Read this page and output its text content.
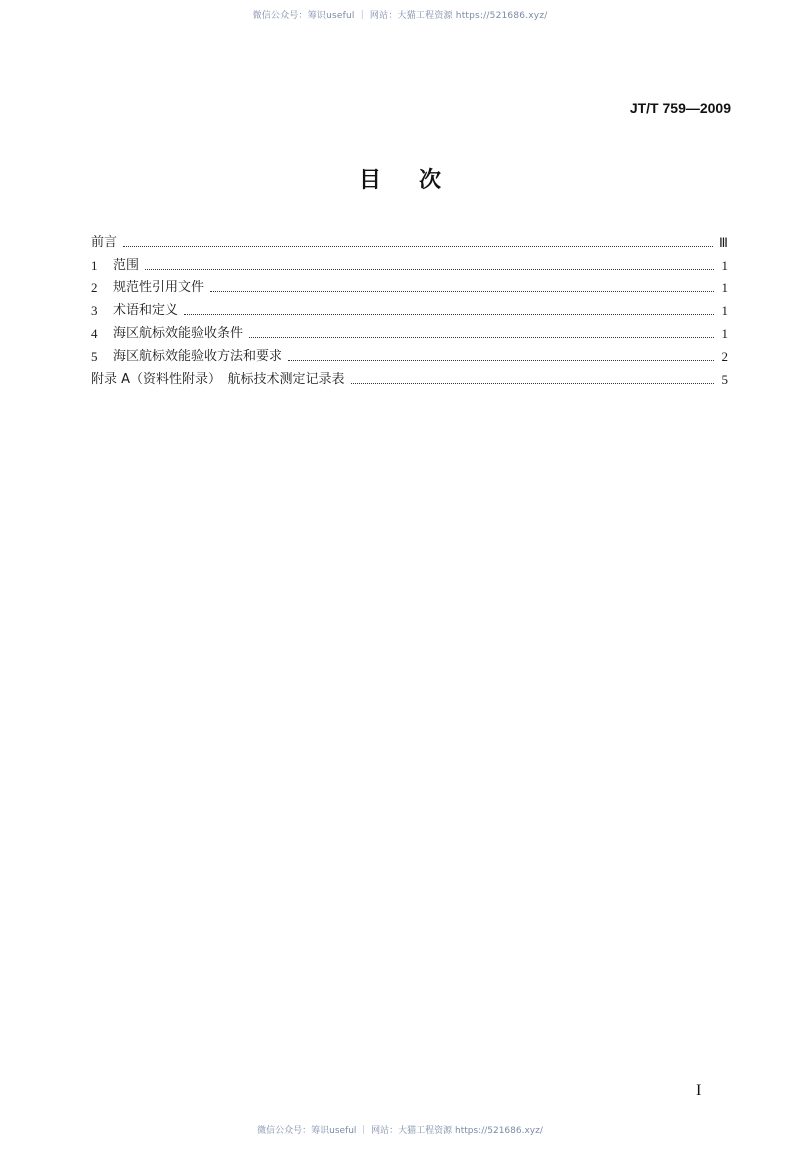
微信公众号：筹识useful ｜ 网站：大猫工程资源 https://521686.xyz/
JT/T 759—2009
目次
前言	Ⅲ
1	范围	1
2	规范性引用文件	1
3	术语和定义	1
4	海区航标效能验收条件	1
5	海区航标效能验收方法和要求	2
附录 A（资料性附录）　航标技术测定记录表	5
I
微信公众号：筹识useful ｜ 网站：大猫工程资源 https://521686.xyz/
